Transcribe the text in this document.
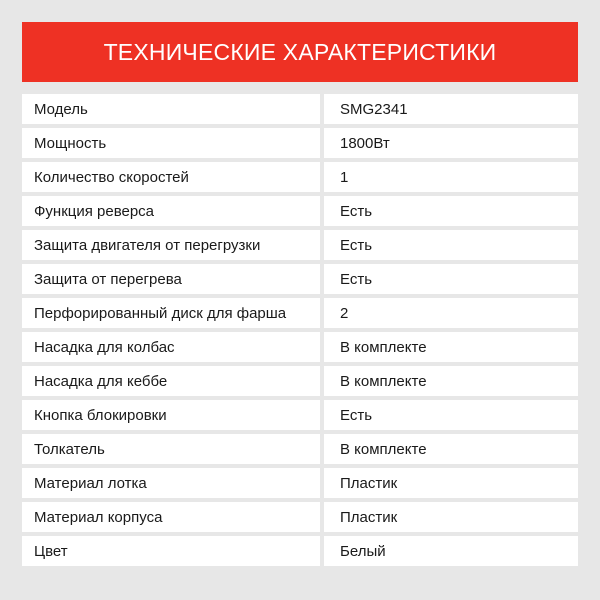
ТЕХНИЧЕСКИЕ ХАРАКТЕРИСТИКИ
Модель	SMG2341
Мощность	1800Вт
Количество скоростей	1
Функция реверса	Есть
Защита двигателя от перегрузки	Есть
Защита от перегрева	Есть
Перфорированный диск для фарша	2
Насадка для колбас	В комплекте
Насадка для кеббе	В комплекте
Кнопка блокировки	Есть
Толкатель	В комплекте
Материал лотка	Пластик
Материал корпуса	Пластик
Цвет	Белый
